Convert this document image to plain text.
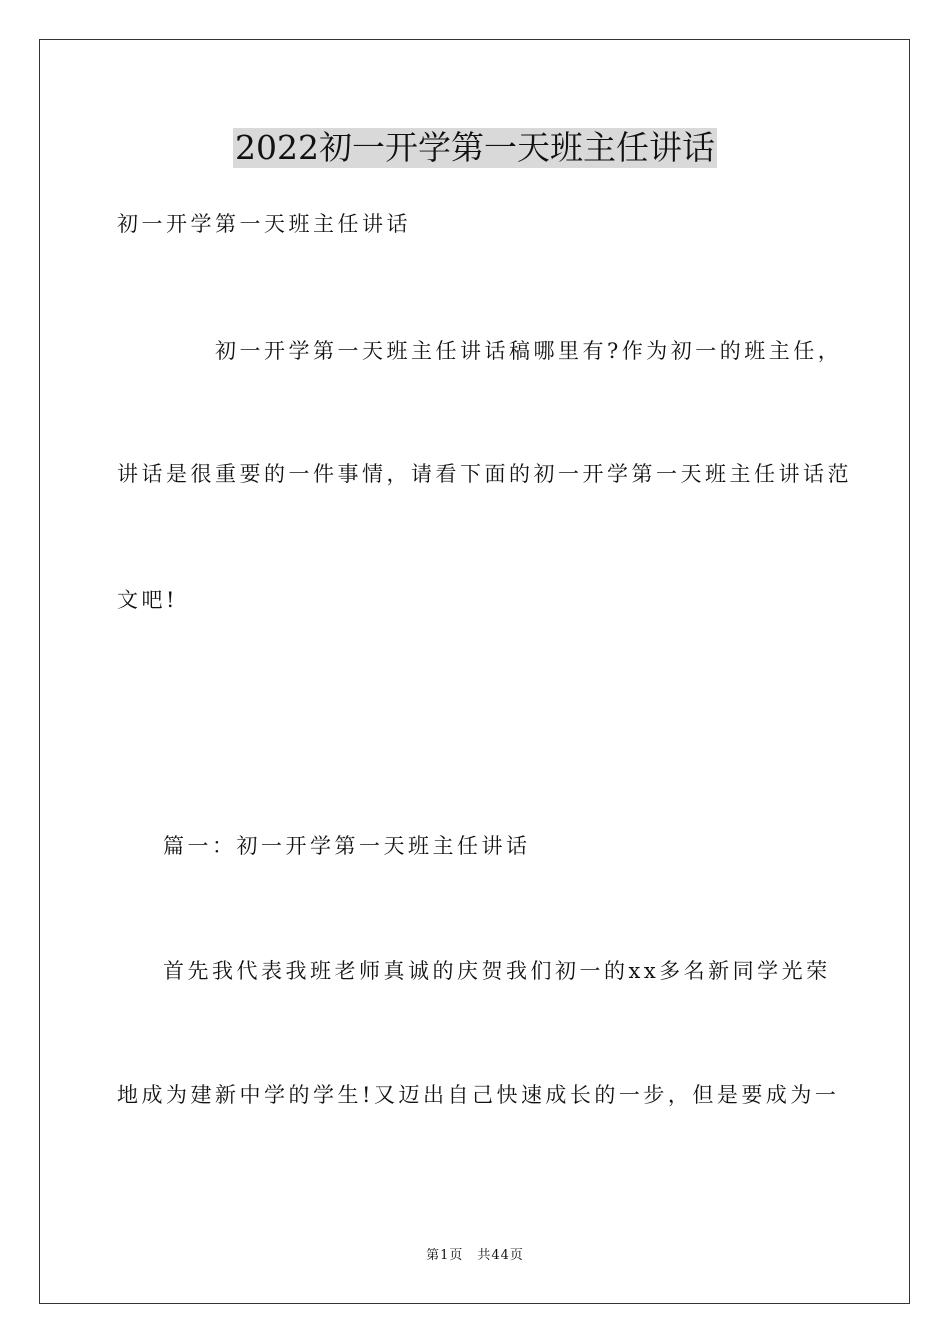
2022初一开学第一天班主任讲话
初一开学第一天班主任讲话
初一开学第一天班主任讲话稿哪里有?作为初一的班主任，
讲话是很重要的一件事情，请看下面的初一开学第一天班主任讲话范
文吧!
篇一：初一开学第一天班主任讲话
首先我代表我班老师真诚的庆贺我们初一的xx多名新同学光荣
地成为建新中学的学生!又迈出自己快速成长的一步，但是要成为一
第1页　共44页
